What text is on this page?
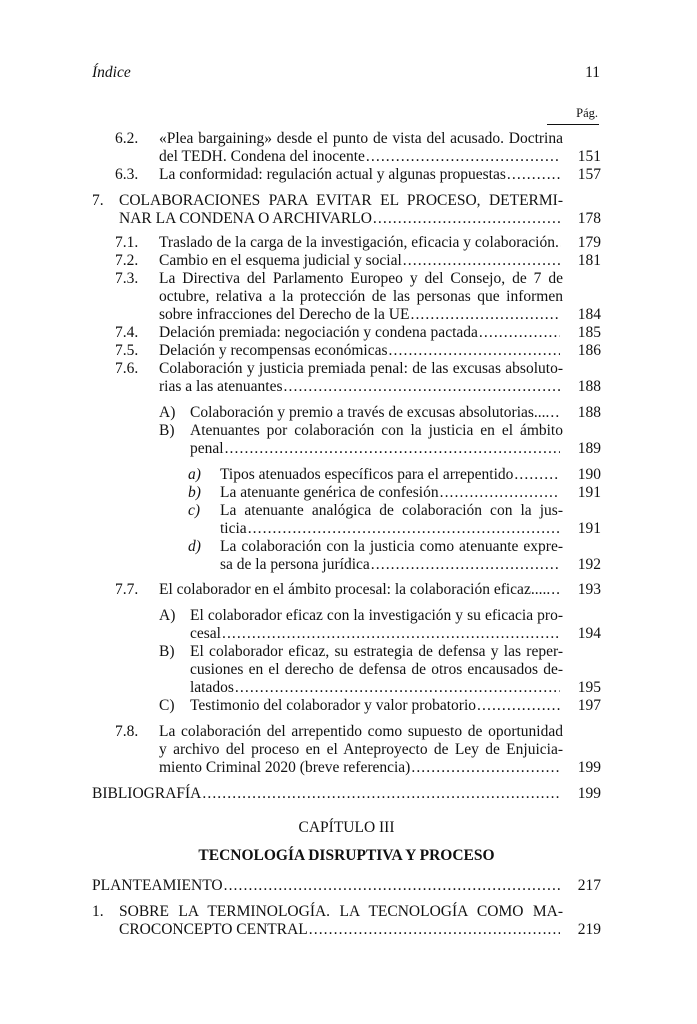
Índice	11
Pág.
6.2. «Plea bargaining» desde el punto de vista del acusado. Doctrina
del TEDH. Condena del inocente .....	151
6.3. La conformidad: regulación actual y algunas propuestas .....	157
7. COLABORACIONES PARA EVITAR EL PROCESO, DETERMI-
NAR LA CONDENA O ARCHIVARLO .....	178
7.1. Traslado de la carga de la investigación, eficacia y colaboración. .....	179
7.2. Cambio en el esquema judicial y social .....	181
7.3. La Directiva del Parlamento Europeo y del Consejo, de 7 de
octubre, relativa a la protección de las personas que informen
sobre infracciones del Derecho de la UE .....	184
7.4. Delación premiada: negociación y condena pactada .....	185
7.5. Delación y recompensas económicas .....	186
7.6. Colaboración y justicia premiada penal: de las excusas absoluto-
rias a las atenuantes .....	188
A) Colaboración y premio a través de excusas absolutorias.... .....	188
B) Atenuantes por colaboración con la justicia en el ámbito
penal .....	189
a) Tipos atenuados específicos para el arrepentido .....	190
b) La atenuante genérica de confesión .....	191
c) La atenuante analógica de colaboración con la jus-
ticia .....	191
d) La colaboración con la justicia como atenuante expre-
sa de la persona jurídica .....	192
7.7. El colaborador en el ámbito procesal: la colaboración eficaz..... .....	193
A) El colaborador eficaz con la investigación y su eficacia pro-
cesal .....	194
B) El colaborador eficaz, su estrategia de defensa y las reper-
cusiones en el derecho de defensa de otros encausados de-
latados .....	195
C) Testimonio del colaborador y valor probatorio .....	197
7.8. La colaboración del arrepentido como supuesto de oportunidad
y archivo del proceso en el Anteproyecto de Ley de Enjuicia-
miento Criminal 2020 (breve referencia) .....	199
BIBLIOGRAFÍA .....	199
CAPÍTULO III
TECNOLOGÍA DISRUPTIVA Y PROCESO
PLANTEAMIENTO .....	217
1. SOBRE LA TERMINOLOGÍA. LA TECNOLOGÍA COMO MA-
CROCONCEPTO CENTRAL .....	219
